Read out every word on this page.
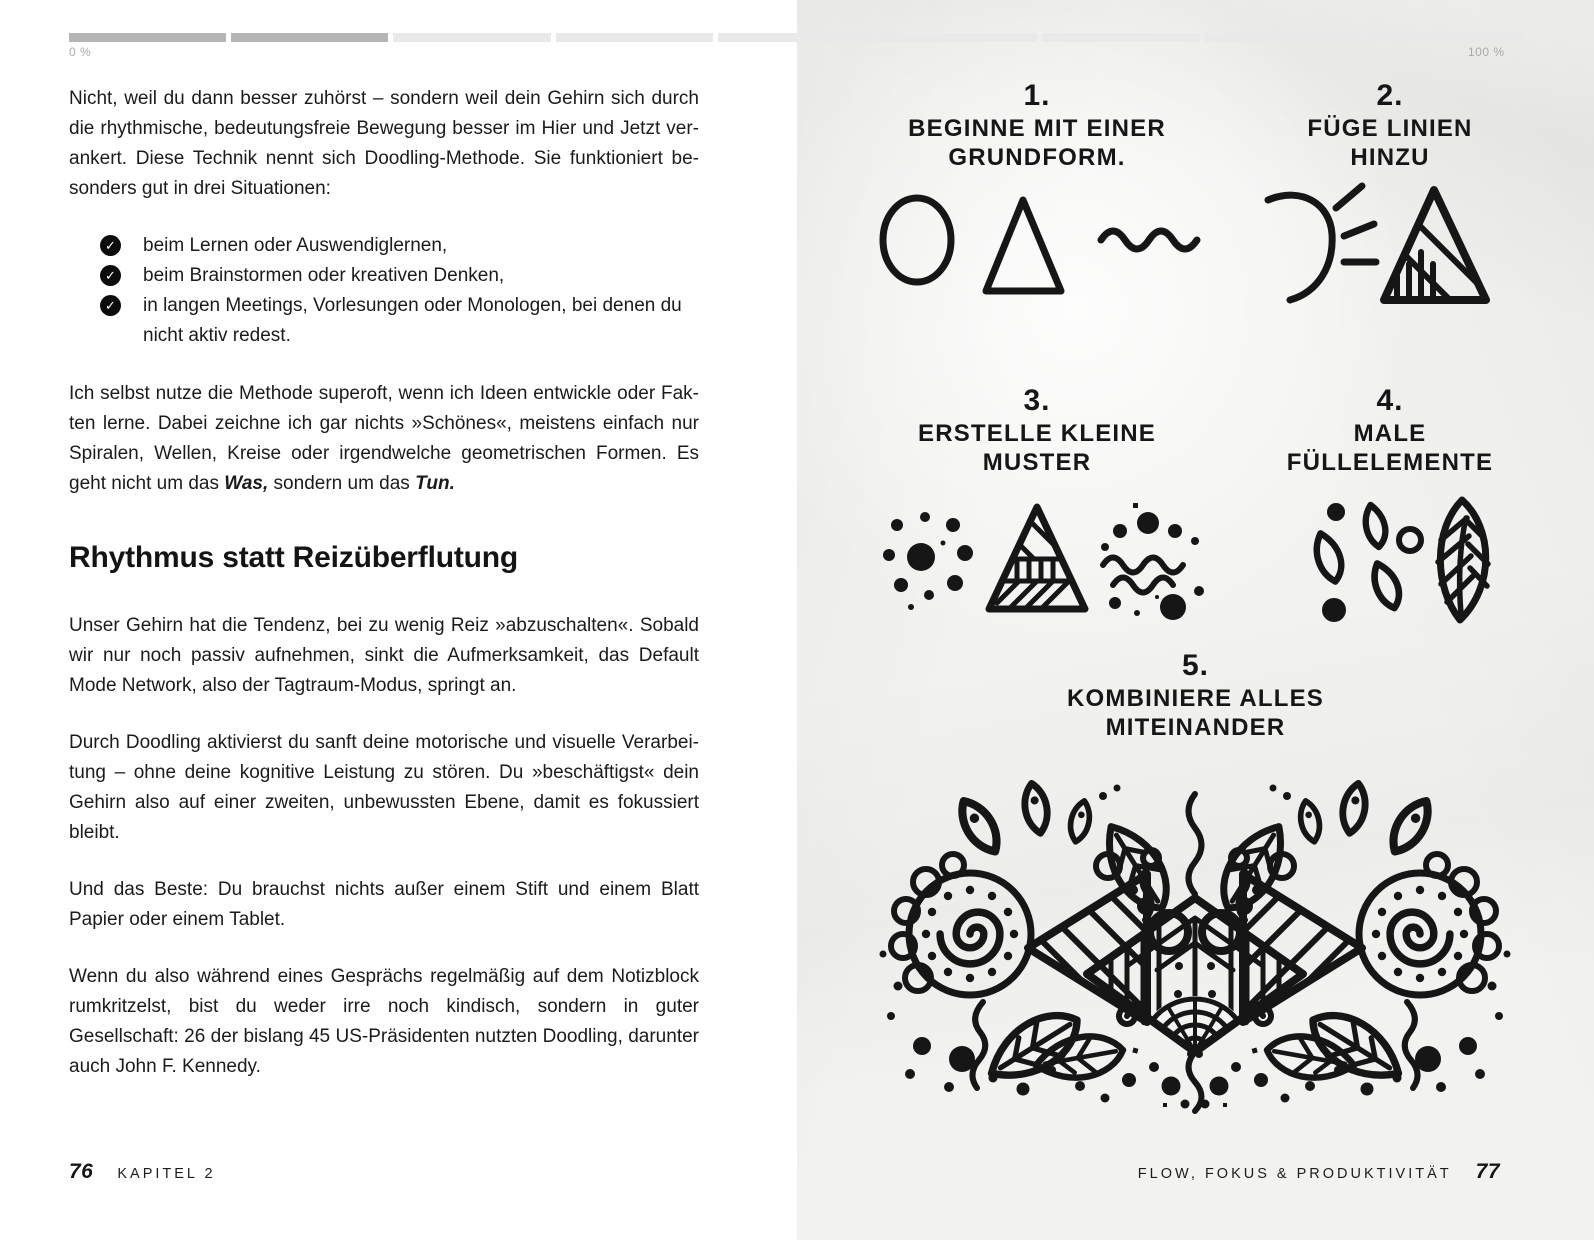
0 %	100 %

Nicht, weil du dann besser zuhörst – sondern weil dein Gehirn sich durch die rhythmische, bedeutungsfreie Bewegung besser im Hier und Jetzt verankert. Diese Technik nennt sich Doodling-Methode. Sie funktioniert besonders gut in drei Situationen:

✓ beim Lernen oder Auswendiglernen,
✓ beim Brainstormen oder kreativen Denken,
✓ in langen Meetings, Vorlesungen oder Monologen, bei denen du nicht aktiv redest.

Ich selbst nutze die Methode superoft, wenn ich Ideen entwickle oder Fakten lerne. Dabei zeichne ich gar nichts »Schönes«, meistens einfach nur Spiralen, Wellen, Kreise oder irgendwelche geometrischen Formen. Es geht nicht um das Was, sondern um das Tun.

Rhythmus statt Reizüberflutung

Unser Gehirn hat die Tendenz, bei zu wenig Reiz »abzuschalten«. Sobald wir nur noch passiv aufnehmen, sinkt die Aufmerksamkeit, das Default Mode Network, also der Tagtraum-Modus, springt an.

Durch Doodling aktivierst du sanft deine motorische und visuelle Verarbeitung – ohne deine kognitive Leistung zu stören. Du »beschäftigst« dein Gehirn also auf einer zweiten, unbewussten Ebene, damit es fokussiert bleibt.

Und das Beste: Du brauchst nichts außer einem Stift und einem Blatt Papier oder einem Tablet.

Wenn du also während eines Gesprächs regelmäßig auf dem Notizblock rumkritzelst, bist du weder irre noch kindisch, sondern in guter Gesellschaft: 26 der bislang 45 US-Präsidenten nutzten Doodling, darunter auch John F. Kennedy.

76 KAPITEL 2
1.
BEGINNE MIT EINER GRUNDFORM.
2.
FÜGE LINIEN HINZU
3.
ERSTELLE KLEINE MUSTER
4.
MALE FÜLLELEMENTE
5.
KOMBINIERE ALLES MITEINANDER
FLOW, FOKUS & PRODUKTIVITÄT 77
